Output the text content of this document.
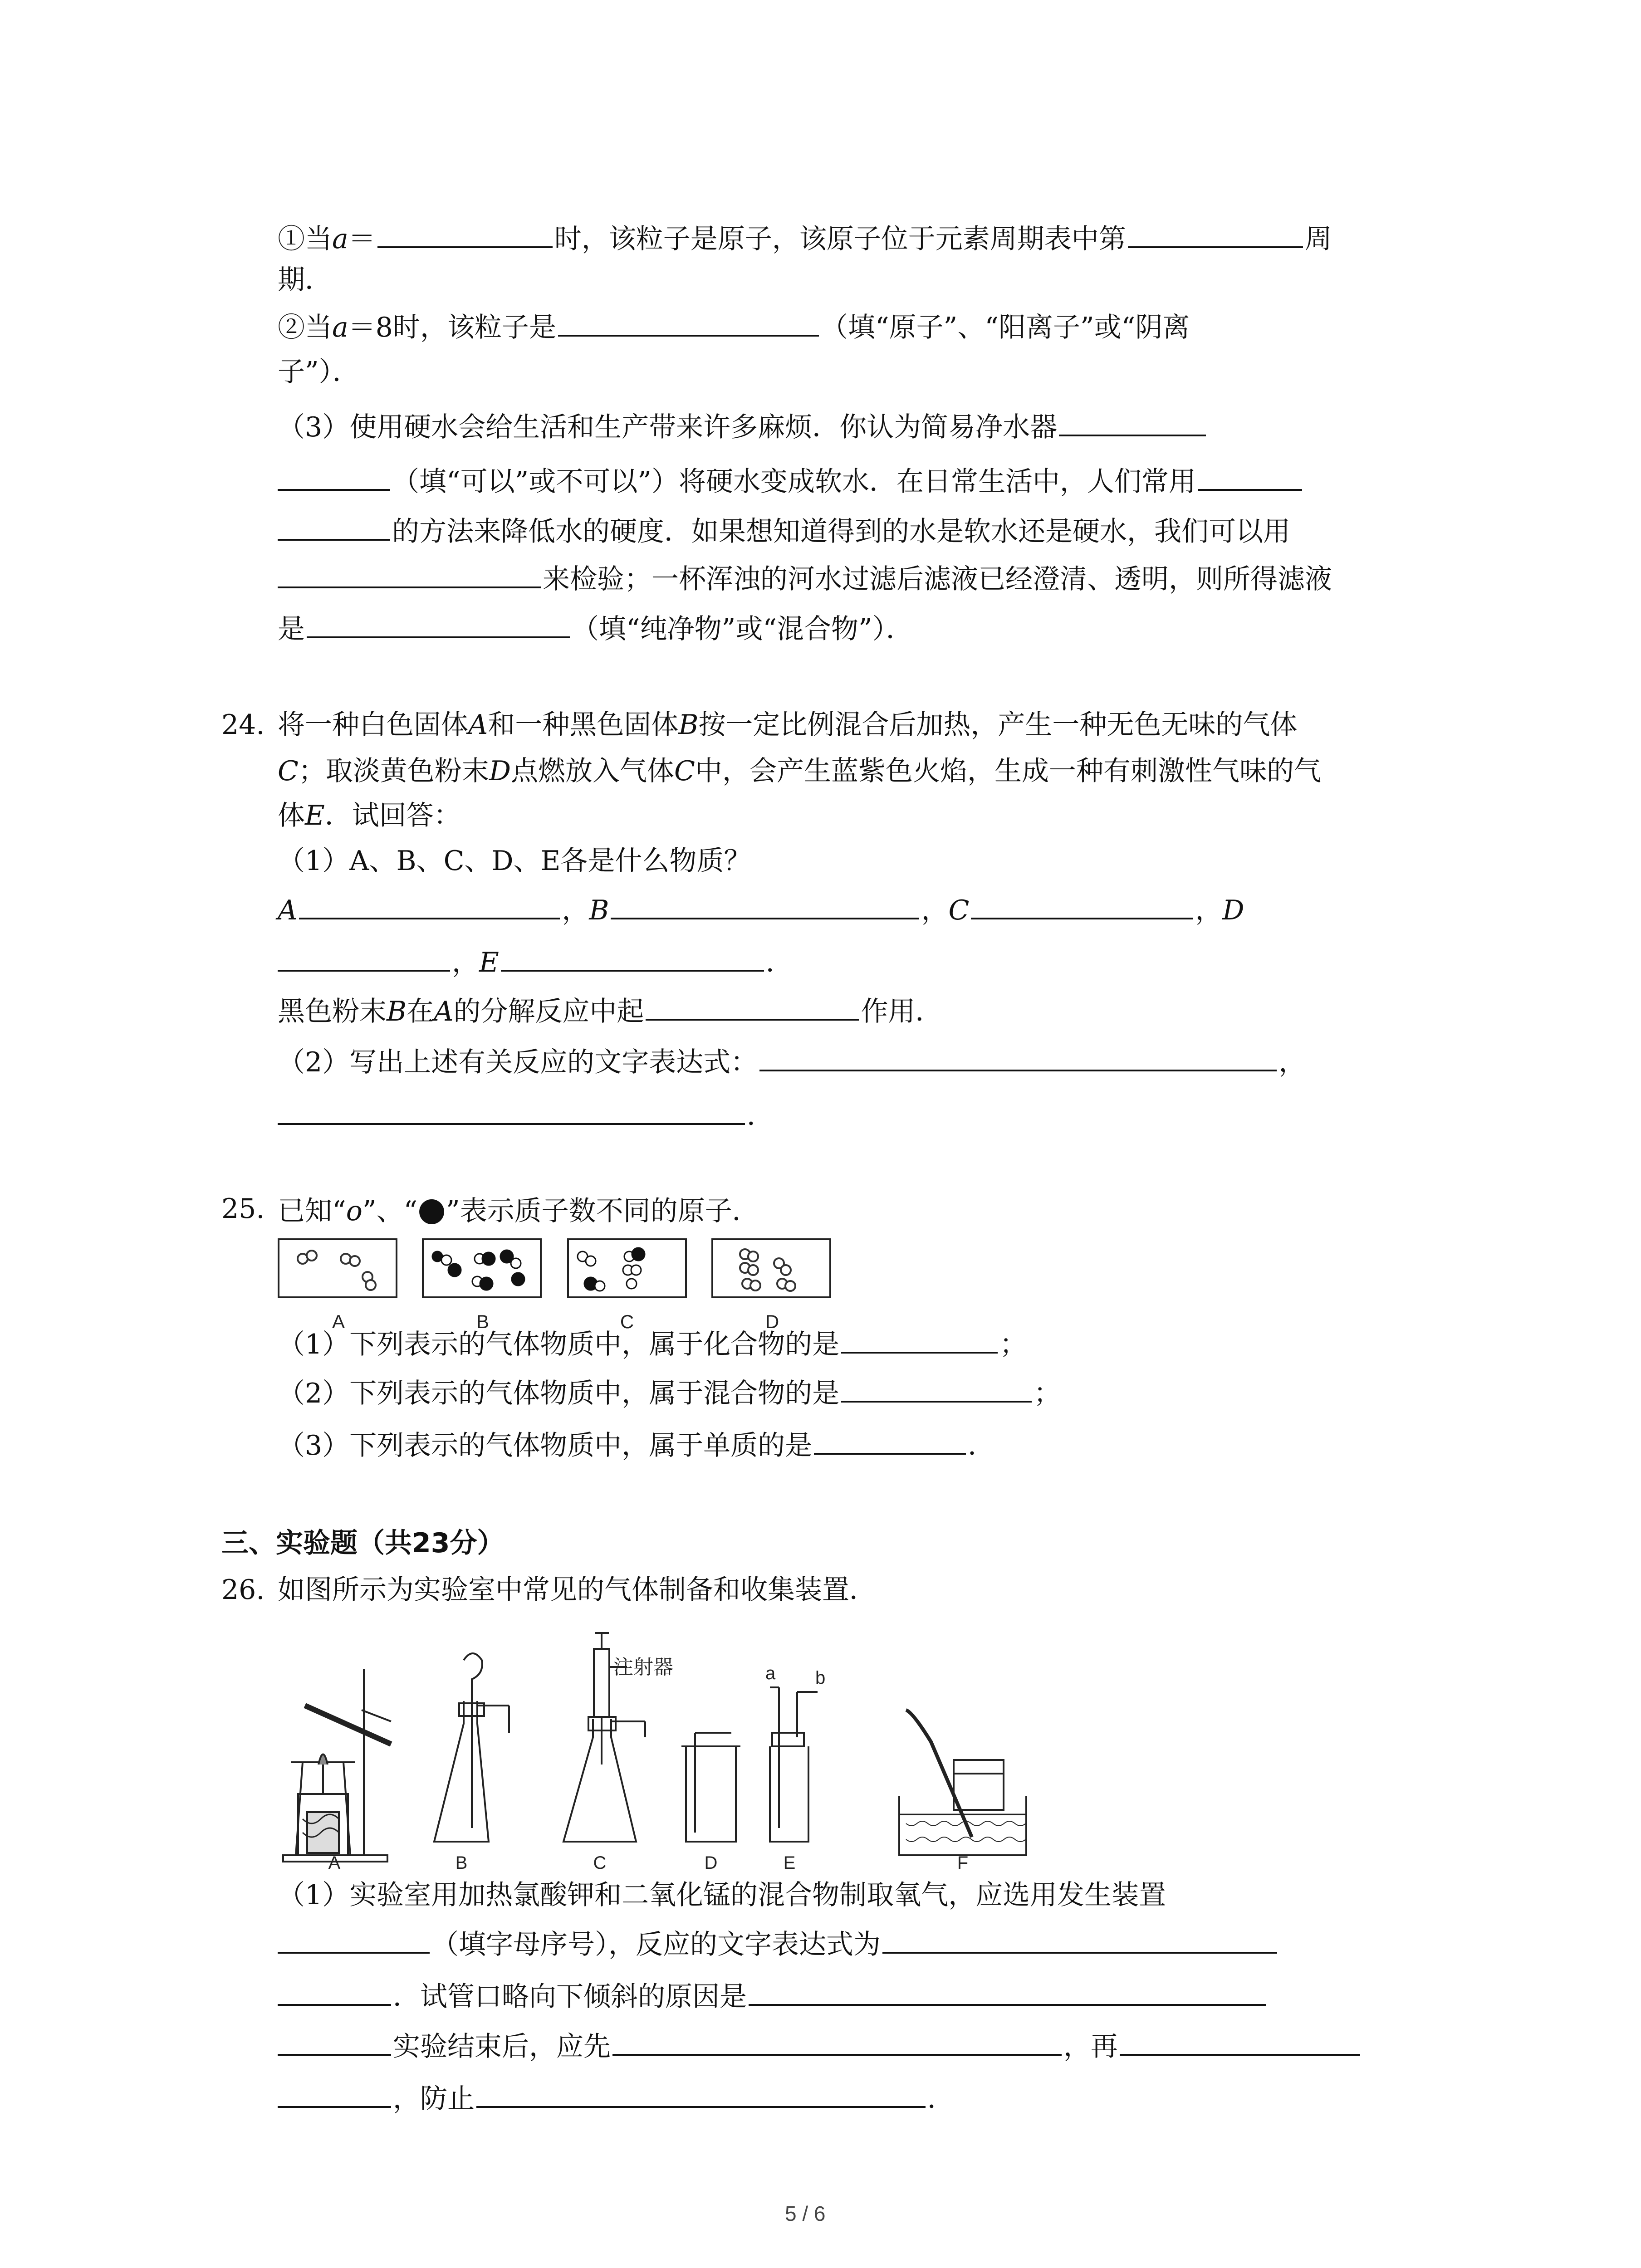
①当a＝	时，该粒子是原子，该原子位于元素周期表中第	周
期．
②当a＝8时，该粒子是	（填“原子”、“阳离子”或“阴离
子”）．
（3）使用硬水会给生活和生产带来许多麻烦．你认为简易净水器
（填“可以”或不可以”）将硬水变成软水．在日常生活中，人们常用
的方法来降低水的硬度．如果想知道得到的水是软水还是硬水，我们可以用
来检验；一杯浑浊的河水过滤后滤液已经澄清、透明，则所得滤液
是	（填“纯净物”或“混合物”）．
24. 将一种白色固体A和一种黑色固体B按一定比例混合后加热，产生一种无色无味的气体
C；取淡黄色粉末D点燃放入气体C中，会产生蓝紫色火焰，生成一种有刺激性气味的气
体E．试回答：
（1）A、B、C、D、E各是什么物质？
A	，B	，C	，D
，E	．
黑色粉末B在A的分解反应中起	作用．
（2）写出上述有关反应的文字表达式：	，
．
25. 已知“o”、“●”表示质子数不同的原子．
A	B	C	D
（1）下列表示的气体物质中，属于化合物的是	；
（2）下列表示的气体物质中，属于混合物的是	；
（3）下列表示的气体物质中，属于单质的是	．
三、实验题（共23分）
26. 如图所示为实验室中常见的气体制备和收集装置．
注射器	a b
A	B	C	D	E	F
（1）实验室用加热氯酸钾和二氧化锰的混合物制取氧气，应选用发生装置
（填字母序号），反应的文字表达式为
．试管口略向下倾斜的原因是
实验结束后，应先	，再
，防止	．
5 / 6
